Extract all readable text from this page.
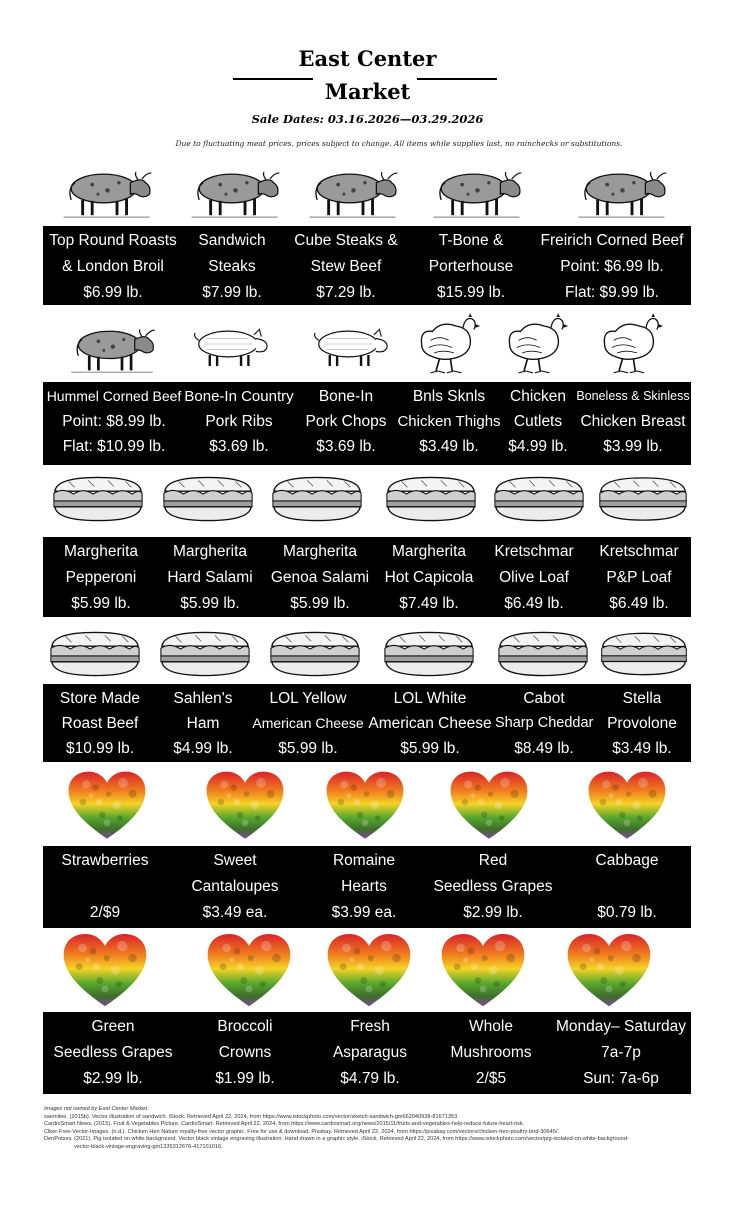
East Center
Market
Sale Dates: 03.16.2026—03.29.2026
Due to fluctuating meat prices, prices subject to change. All items while supplies last, no rainchecks or substitutions.
Top Round Roasts
& London Broil
$6.99 lb.
Sandwich
Steaks
$7.99 lb.
Cube Steaks &
Stew Beef
$7.29 lb.
T-Bone &
Porterhouse
$15.99 lb.
Freirich Corned Beef
Point: $6.99 lb.
Flat: $9.99 lb.
Hummel Corned Beef
Point: $8.99 lb.
Flat: $10.99 lb.
Bone-In Country
Pork Ribs
$3.69 lb.
Bone-In
Pork Chops
$3.69 lb.
Bnls Sknls
Chicken Thighs
$3.49 lb.
Chicken
Cutlets
$4.99 lb.
Boneless & Skinless
Chicken Breast
$3.99 lb.
Margherita
Pepperoni
$5.99 lb.
Margherita
Hard Salami
$5.99 lb.
Margherita
Genoa Salami
$5.99 lb.
Margherita
Hot Capicola
$7.49 lb.
Kretschmar
Olive Loaf
$6.49 lb.
Kretschmar
P&P Loaf
$6.49 lb.
Store Made
Roast Beef
$10.99 lb.
Sahlen's
Ham
$4.99 lb.
LOL Yellow
American Cheese
$5.99 lb.
LOL White
American Cheese
$5.99 lb.
Cabot
Sharp Cheddar
$8.49 lb.
Stella
Provolone
$3.49 lb.
Strawberries
2/$9
Sweet
Cantaloupes
$3.49 ea.
Romaine
Hearts
$3.99 ea.
Red
Seedless Grapes
$2.99 lb.
Cabbage
$0.79 lb.
Green
Seedless Grapes
$2.99 lb.
Broccoli
Crowns
$1.99 lb.
Fresh
Asparagus
$4.79 lb.
Whole
Mushrooms
2/$5
Monday– Saturday
7a-7p
Sun: 7a-6p
Images not owned by East Center Market.
saemilee. (2015b). Vector illustration of sandwich. iStock. Retrieved April 22, 2024, from https://www.istockphoto.com/vector/sketch-sandwich-gm662040938-81671353.
CardioSmart News. (2015). Fruit & Vegetables Picture. CardioSmart. Retrieved April 22, 2024, from https://www.cardiosmart.org/news/2015/11/fruits-and-vegetables-help-reduce-future-heart-risk.
Clker-Free-Vector-Images. (n.d.). Chicken Hen Nature royalty-free vector graphic. Free for use & download. Pixabay. Retrieved April 22, 2024, from https://pixabay.com/vectors/chicken-hen-poultry-bird-30645/.
DenPotsev. (2021). Pig isolated on white background. Vector black vintage engraving illustration. Hand drawn in a graphic style. iStock. Retrieved April 22, 2024, from https://www.istockphoto.com/vector/pig-isolated-on-white-background-
vector-black-vintage-engraving-gm1335312676-417101016.
